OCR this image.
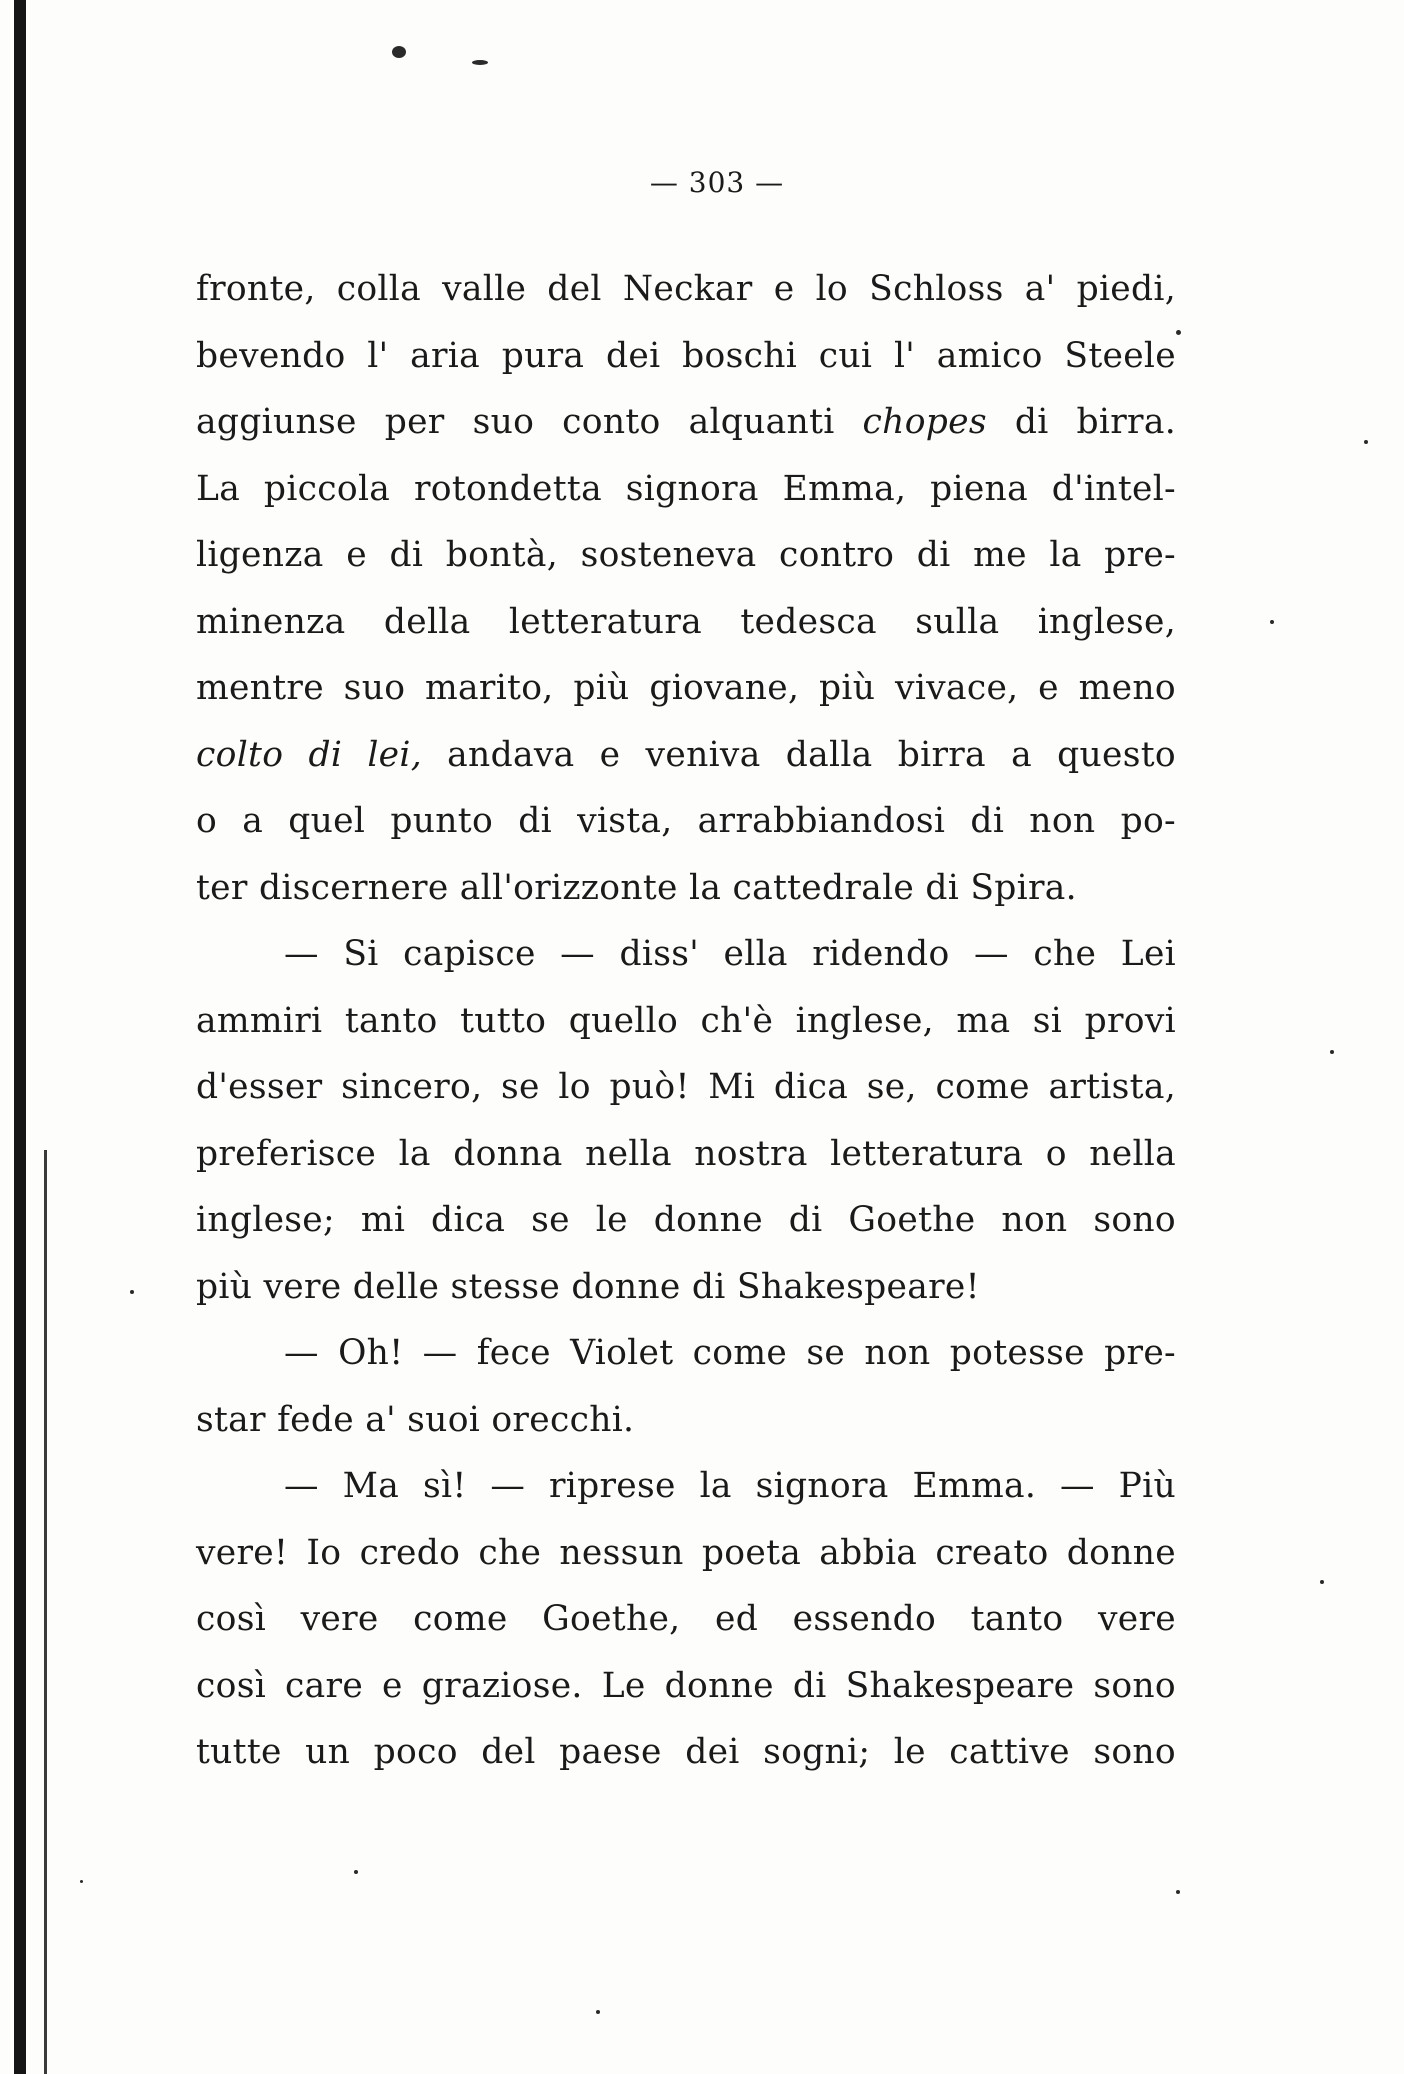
— 303 —
fronte, colla valle del Neckar e lo Schloss a' piedi,
bevendo l' aria pura dei boschi cui l' amico Steele
aggiunse per suo conto alquanti chopes di birra.
La piccola rotondetta signora Emma, piena d'intel-
ligenza e di bontà, sosteneva contro di me la pre-
minenza della letteratura tedesca sulla inglese,
mentre suo marito, più giovane, più vivace, e meno
colto di lei, andava e veniva dalla birra a questo
o a quel punto di vista, arrabbiandosi di non po-
ter discernere all'orizzonte la cattedrale di Spira.
— Si capisce — diss' ella ridendo — che Lei
ammiri tanto tutto quello ch'è inglese, ma si provi
d'esser sincero, se lo può! Mi dica se, come artista,
preferisce la donna nella nostra letteratura o nella
inglese; mi dica se le donne di Goethe non sono
più vere delle stesse donne di Shakespeare!
— Oh! — fece Violet come se non potesse pre-
star fede a' suoi orecchi.
— Ma sì! — riprese la signora Emma. — Più
vere! Io credo che nessun poeta abbia creato donne
così vere come Goethe, ed essendo tanto vere
così care e graziose. Le donne di Shakespeare sono
tutte un poco del paese dei sogni; le cattive sono
